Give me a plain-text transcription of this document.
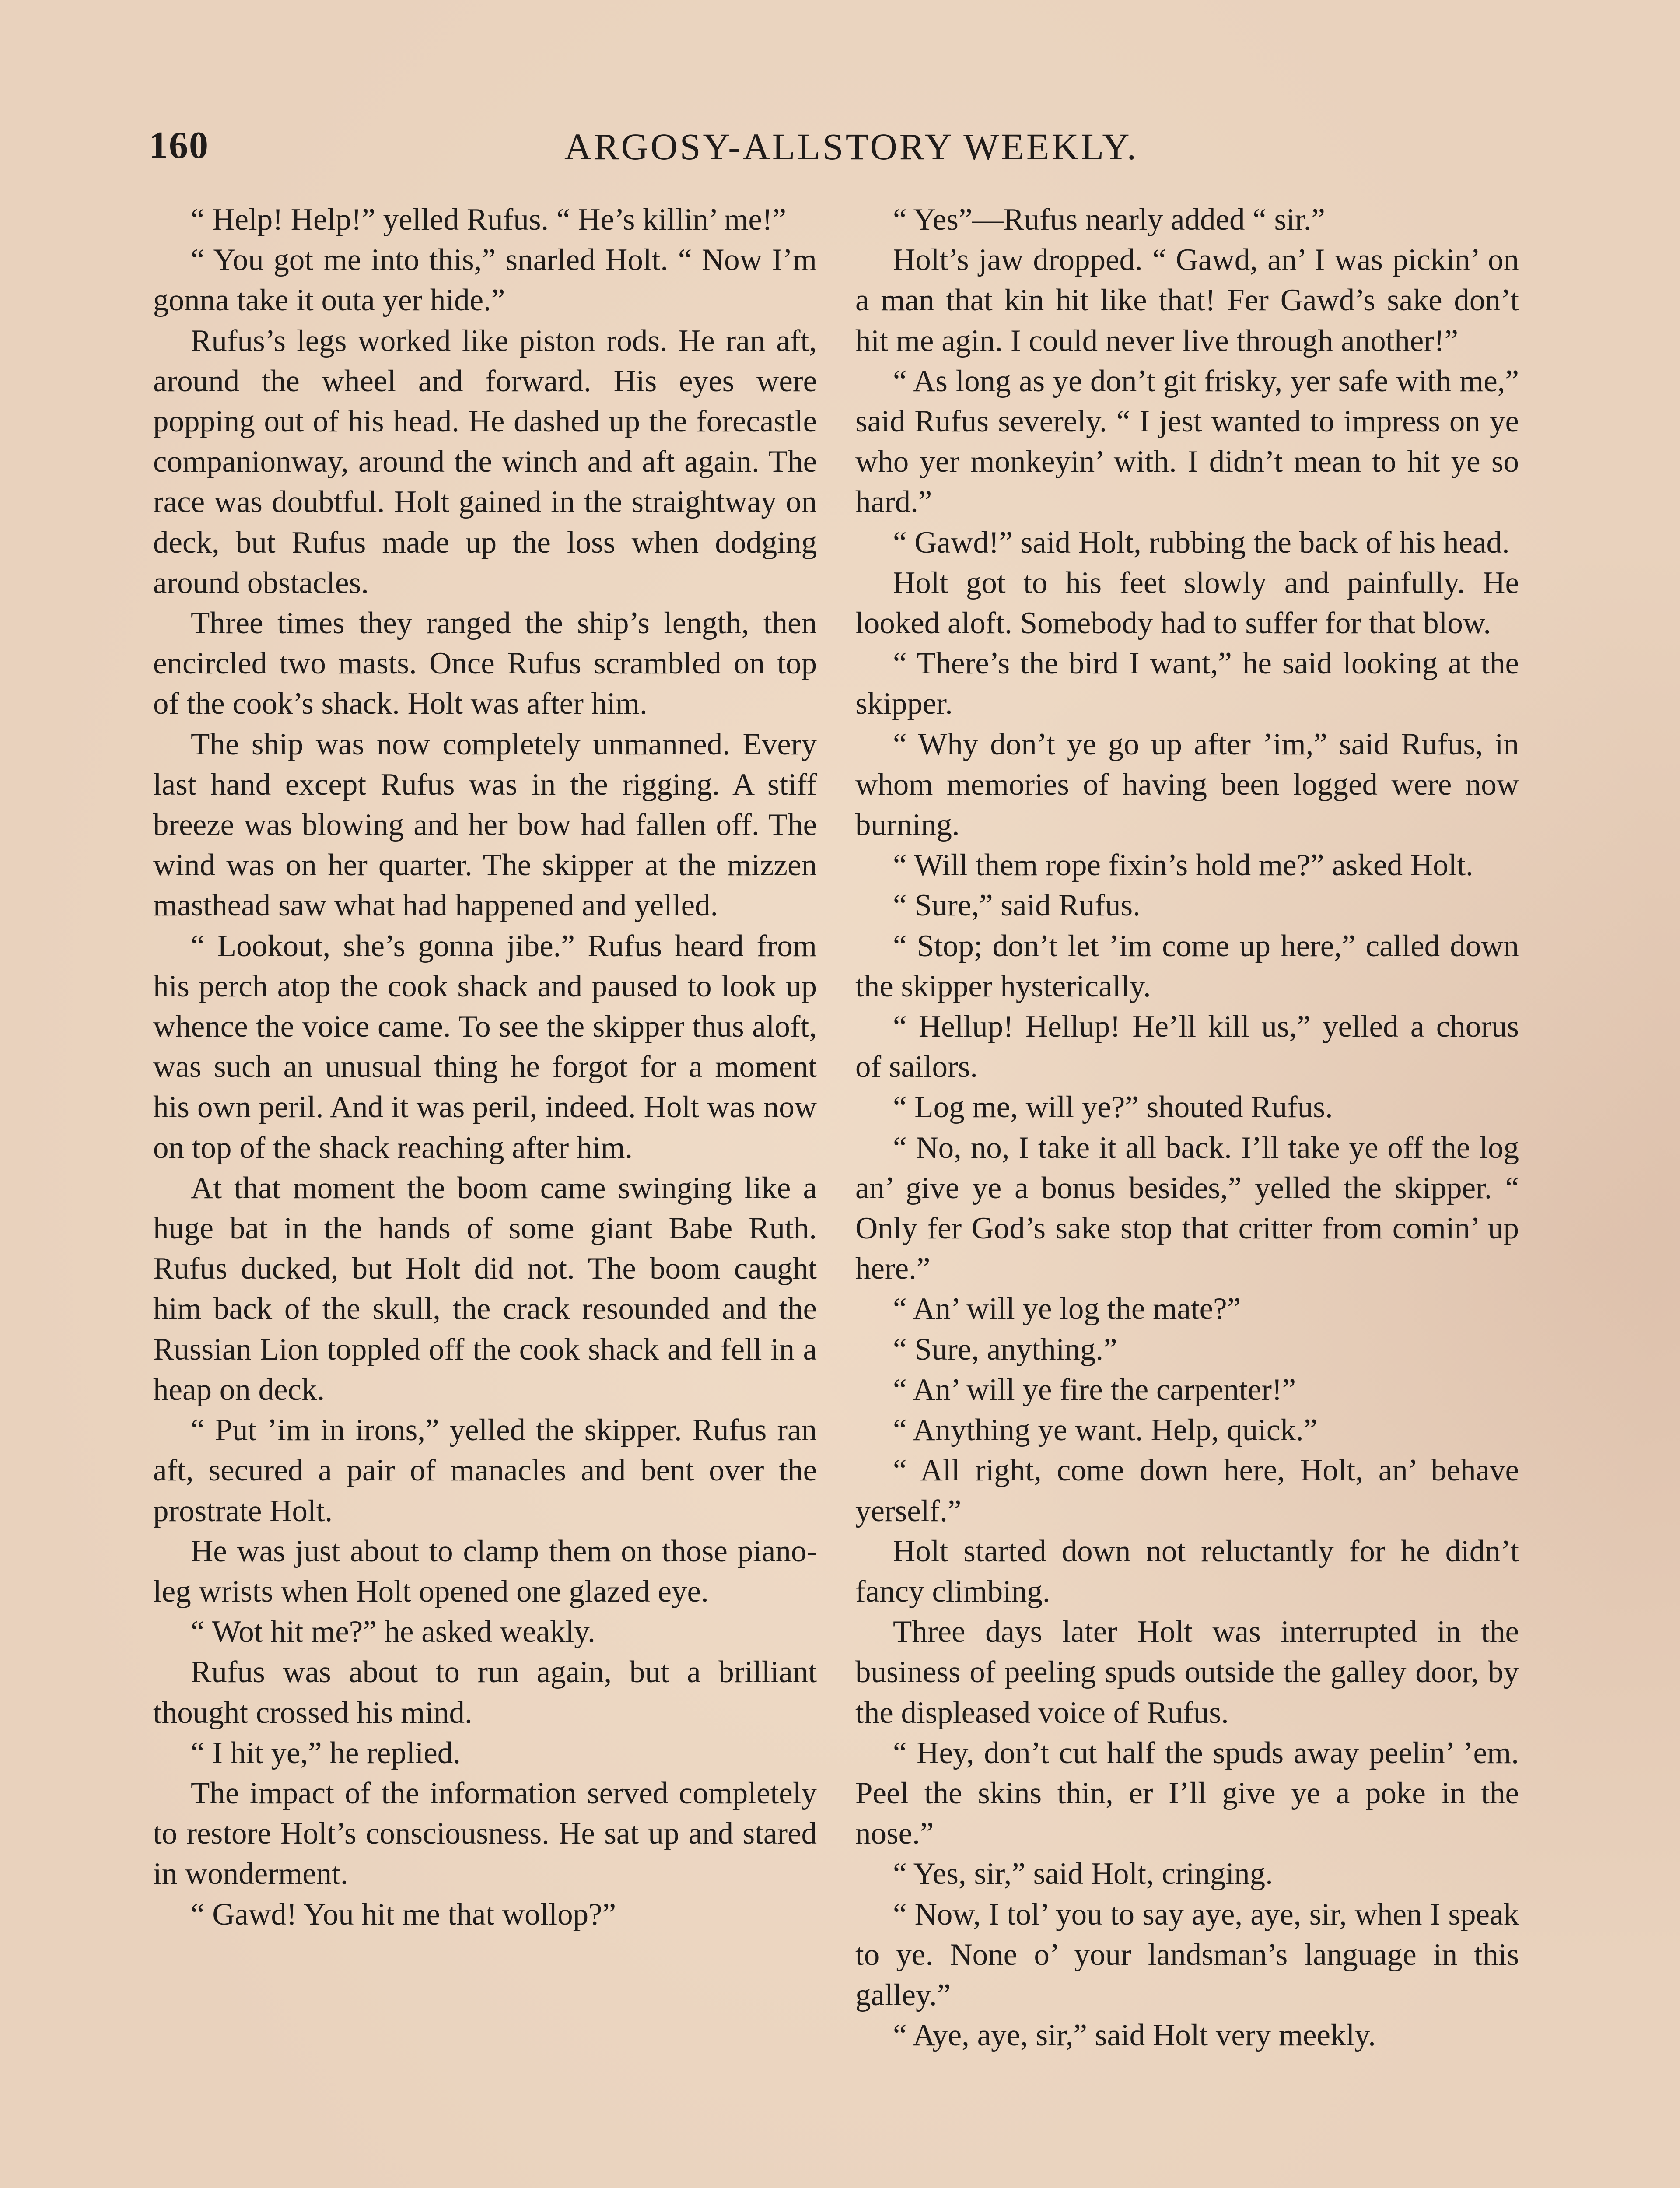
160	ARGOSY-ALLSTORY WEEKLY.

“ Help! Help!” yelled Rufus. “ He’s killin’ me!”

“ You got me into this,” snarled Holt. “ Now I’m gonna take it outa yer hide.”

Rufus’s legs worked like piston rods. He ran aft, around the wheel and forward. His eyes were popping out of his head. He dashed up the forecastle companionway, around the winch and aft again. The race was doubtful. Holt gained in the straightway on deck, but Rufus made up the loss when dodging around obstacles.

Three times they ranged the ship’s length, then encircled two masts. Once Rufus scrambled on top of the cook’s shack. Holt was after him.

The ship was now completely unmanned. Every last hand except Rufus was in the rigging. A stiff breeze was blowing and her bow had fallen off. The wind was on her quarter. The skipper at the mizzen masthead saw what had happened and yelled.

“ Lookout, she’s gonna jibe.” Rufus heard from his perch atop the cook shack and paused to look up whence the voice came. To see the skipper thus aloft, was such an unusual thing he forgot for a moment his own peril. And it was peril, indeed. Holt was now on top of the shack reaching after him.

At that moment the boom came swinging like a huge bat in the hands of some giant Babe Ruth. Rufus ducked, but Holt did not. The boom caught him back of the skull, the crack resounded and the Russian Lion toppled off the cook shack and fell in a heap on deck.

“ Put ’im in irons,” yelled the skipper. Rufus ran aft, secured a pair of manacles and bent over the prostrate Holt.

He was just about to clamp them on those piano-leg wrists when Holt opened one glazed eye.

“ Wot hit me?” he asked weakly.

Rufus was about to run again, but a brilliant thought crossed his mind.

“ I hit ye,” he replied.

The impact of the information served completely to restore Holt’s consciousness. He sat up and stared in wonderment.

“ Gawd! You hit me that wollop?”

“ Yes”—Rufus nearly added “ sir.”

Holt’s jaw dropped. “ Gawd, an’ I was pickin’ on a man that kin hit like that! Fer Gawd’s sake don’t hit me agin. I could never live through another!”

“ As long as ye don’t git frisky, yer safe with me,” said Rufus severely. “ I jest wanted to impress on ye who yer monkeyin’ with. I didn’t mean to hit ye so hard.”

“ Gawd!” said Holt, rubbing the back of his head.

Holt got to his feet slowly and painfully. He looked aloft. Somebody had to suffer for that blow.

“ There’s the bird I want,” he said looking at the skipper.

“ Why don’t ye go up after ’im,” said Rufus, in whom memories of having been logged were now burning.

“ Will them rope fixin’s hold me?” asked Holt.

“ Sure,” said Rufus.

“ Stop; don’t let ’im come up here,” called down the skipper hysterically.

“ Hellup! Hellup! He’ll kill us,” yelled a chorus of sailors.

“ Log me, will ye?” shouted Rufus.

“ No, no, I take it all back. I’ll take ye off the log an’ give ye a bonus besides,” yelled the skipper. “ Only fer God’s sake stop that critter from comin’ up here.”

“ An’ will ye log the mate?”

“ Sure, anything.”

“ An’ will ye fire the carpenter!”

“ Anything ye want. Help, quick.”

“ All right, come down here, Holt, an’ behave yerself.”

Holt started down not reluctantly for he didn’t fancy climbing.

Three days later Holt was interrupted in the business of peeling spuds outside the galley door, by the displeased voice of Rufus.

“ Hey, don’t cut half the spuds away peelin’ ’em. Peel the skins thin, er I’ll give ye a poke in the nose.”

“ Yes, sir,” said Holt, cringing.

“ Now, I tol’ you to say aye, aye, sir, when I speak to ye. None o’ your landsman’s language in this galley.”

“ Aye, aye, sir,” said Holt very meekly.
